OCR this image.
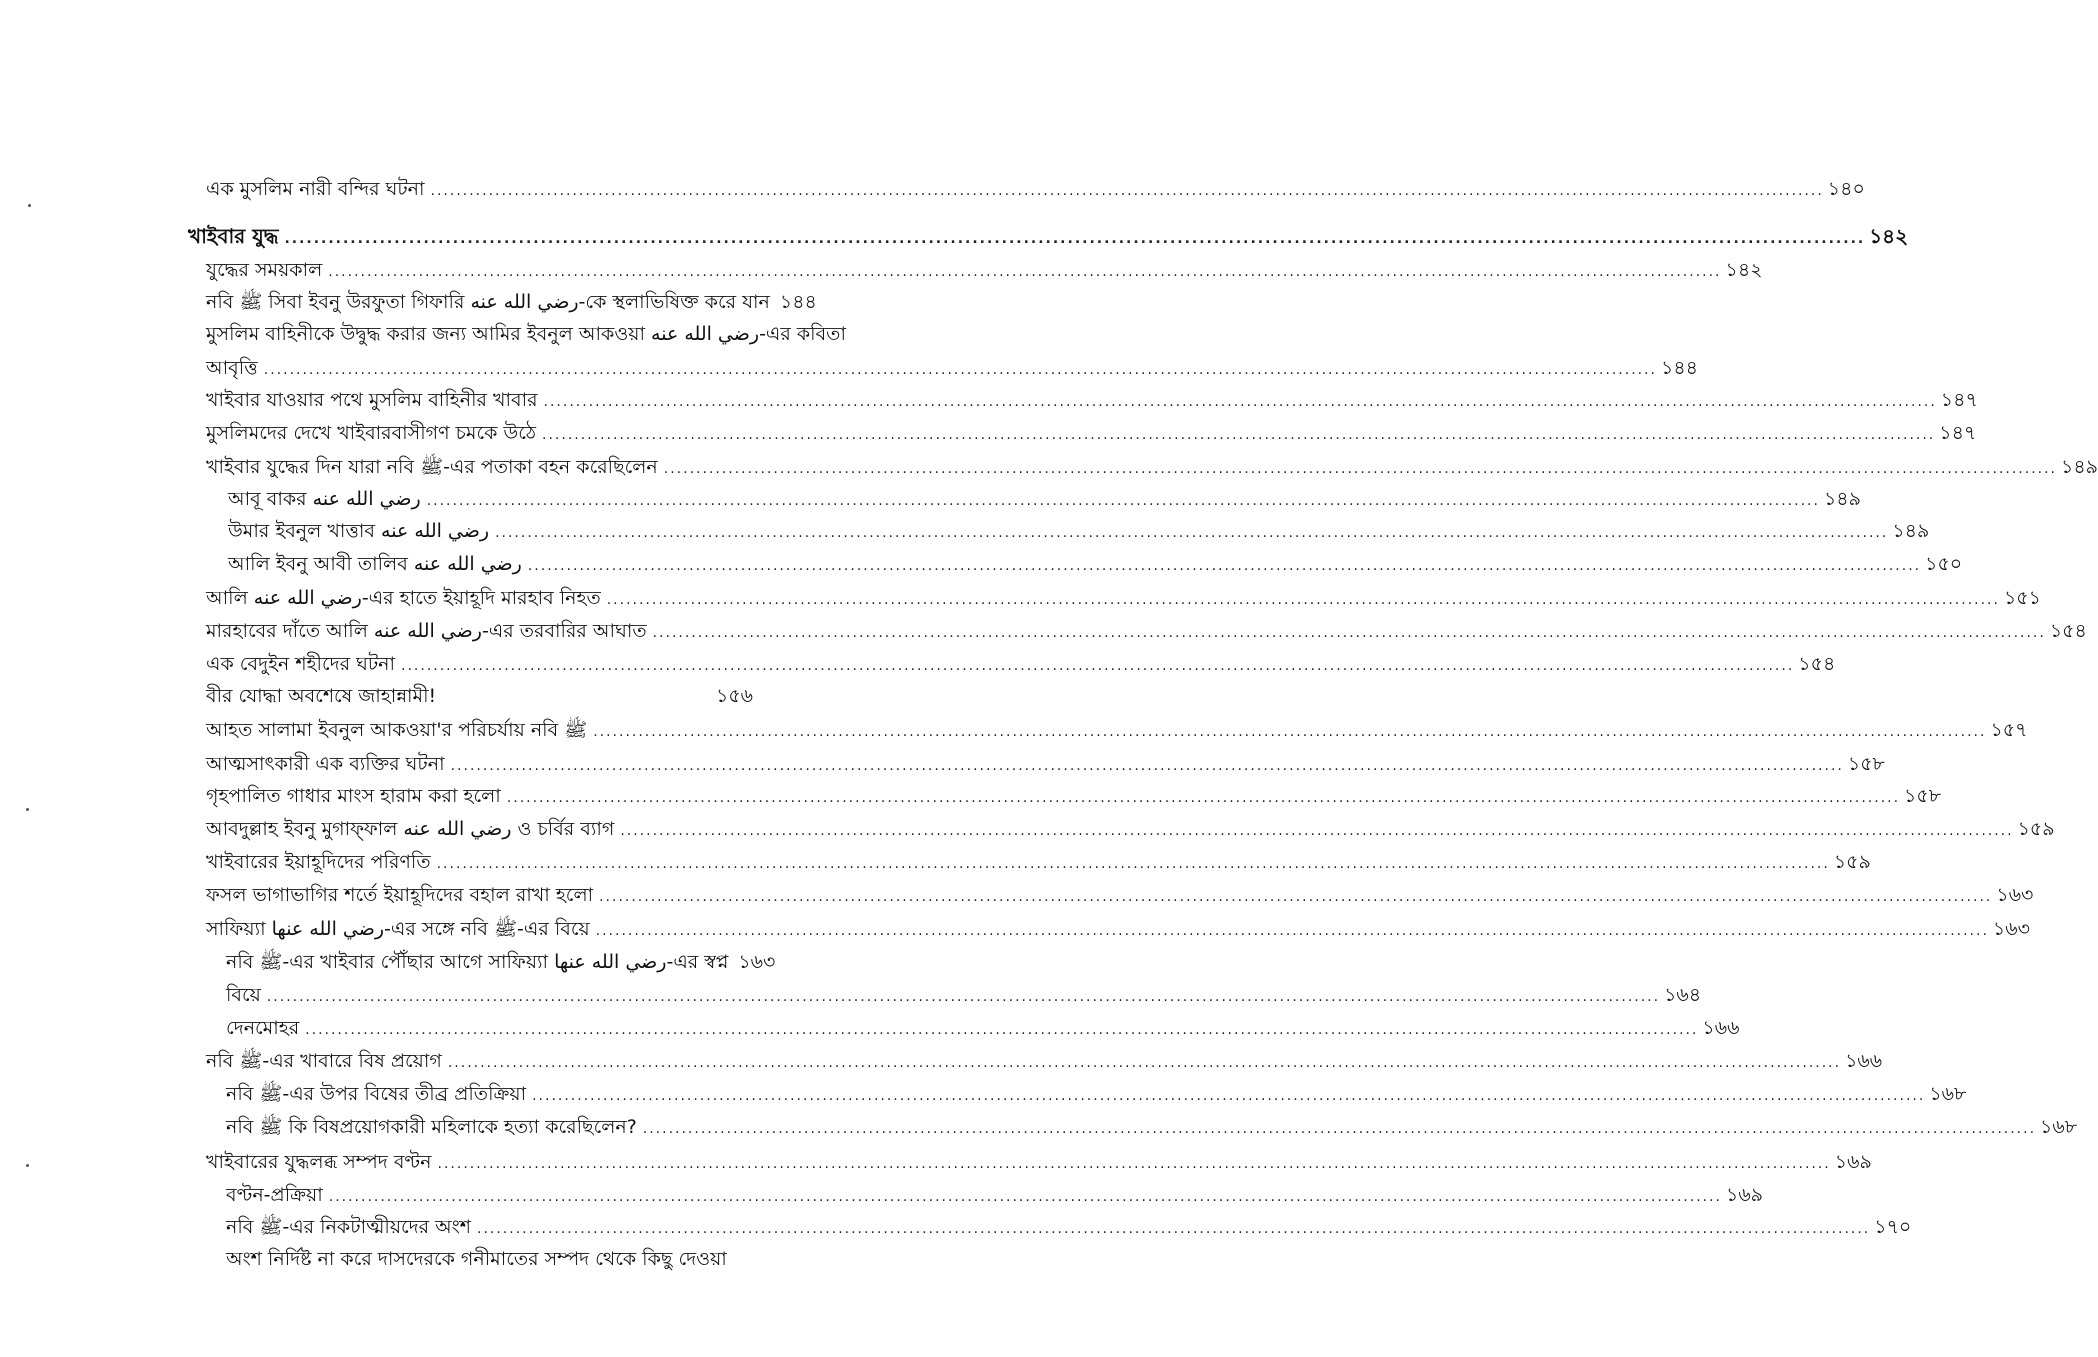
এক মুসলিম নারী বন্দির ঘটনা .....	১৪০
খাইবার যুদ্ধ .....	১৪২
যুদ্ধের সময়কাল .....	১৪২
নবি ﷺ সিবা ইবনু উরফুতা গিফারি رضي الله عنه-কে স্থলাভিষিক্ত করে যান ১৪৪
মুসলিম বাহিনীকে উদ্বুদ্ধ করার জন্য আমির ইবনুল আকওয়া رضي الله عنه-এর কবিতা
আবৃত্তি .....	১৪৪
খাইবার যাওয়ার পথে মুসলিম বাহিনীর খাবার .....	১৪৭
মুসলিমদের দেখে খাইবারবাসীগণ চমকে উঠে .....	১৪৭
খাইবার যুদ্ধের দিন যারা নবি ﷺ-এর পতাকা বহন করেছিলেন .....	১৪৯
আবূ বাকর رضي الله عنه .....	১৪৯
উমার ইবনুল খাত্তাব رضي الله عنه .....	১৪৯
আলি ইবনু আবী তালিব رضي الله عنه .....	১৫০
আলি رضي الله عنه-এর হাতে ইয়াহূদি মারহাব নিহত .....	১৫১
মারহাবের দাঁতে আলি رضي الله عنه-এর তরবারির আঘাত .....	১৫৪
এক বেদুইন শহীদের ঘটনা .....	১৫৪
বীর যোদ্ধা অবশেষে জাহান্নামী!	১৫৬
আহত সালামা ইবনুল আকওয়া'র পরিচর্যায় নবি ﷺ .....	১৫৭
আত্মসাৎকারী এক ব্যক্তির ঘটনা .....	১৫৮
গৃহপালিত গাধার মাংস হারাম করা হলো .....	১৫৮
আবদুল্লাহ ইবনু মুগাফ্ফাল رضي الله عنه ও চর্বির ব্যাগ .....	১৫৯
খাইবারের ইয়াহূদিদের পরিণতি .....	১৫৯
ফসল ভাগাভাগির শর্তে ইয়াহূদিদের বহাল রাখা হলো .....	১৬৩
সাফিয়্যা رضي الله عنها-এর সঙ্গে নবি ﷺ-এর বিয়ে .....	১৬৩
নবি ﷺ-এর খাইবার পৌঁছার আগে সাফিয়্যা رضي الله عنها-এর স্বপ্ন ১৬৩
বিয়ে .....	১৬৪
দেনমোহর .....	১৬৬
নবি ﷺ-এর খাবারে বিষ প্রয়োগ .....	১৬৬
নবি ﷺ-এর উপর বিষের তীব্র প্রতিক্রিয়া .....	১৬৮
নবি ﷺ কি বিষপ্রয়োগকারী মহিলাকে হত্যা করেছিলেন? .....	১৬৮
খাইবারের যুদ্ধলব্ধ সম্পদ বণ্টন .....	১৬৯
বণ্টন-প্রক্রিয়া .....	১৬৯
নবি ﷺ-এর নিকটাত্মীয়দের অংশ .....	১৭০
অংশ নির্দিষ্ট না করে দাসদেরকে গনীমাতের সম্পদ থেকে কিছু দেওয়া
